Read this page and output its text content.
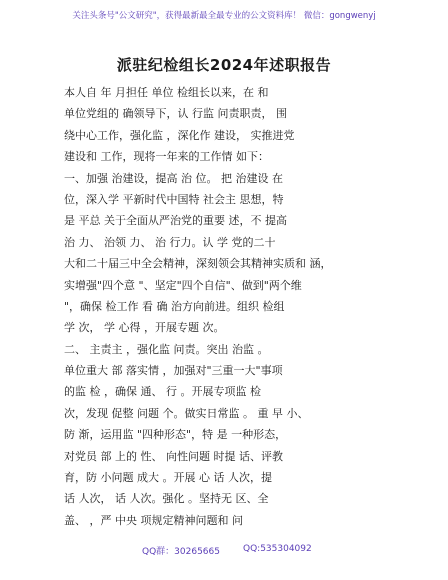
关注头条号"公文研究"，获得最新最全最专业的公文资料库！ 微信：gongwenyj
派驻纪检组长2024年述职报告
本人自 年 月担任 单位 检组长以来，在 和
单位党组的 确领导下，认 行监 问责职责， 围
绕中心工作，强化监 ，深化作 建设， 实推进党
建设和 工作，现将一年来的工作情 如下：
一、加强 治建设，提高 治 位。 把 治建设 在
位，深入学 平新时代中国特 社会主 思想，特
是 平总 关于全面从严治党的重要 述，不 提高
治 力、 治领 力、 治 行力。认 学 党的二十
大和二十届三中全会精神，深刻领会其精神实质和 涵，
实增强"四个意 "、坚定"四个自信"、做到"两个维
"，确保 检工作 看 确 治方向前进。组织 检组
学 次， 学 心得 ，开展专题 次。
二、 主责主 ，强化监 问责。突出 治监 。
单位重大 部 落实情 ，加强对"三重一大"事项
的监 检 ，确保 通、 行 。开展专项监 检
次，发现 促整 问题 个。做实日常监 。 重 早 小、
防 渐，运用监 "四种形态"，特 是 一种形态，
对党员 部 上的 性、 向性问题 时提 话、评教
育，防 小问题 成大 。开展 心 话 人次，提
话 人次， 话 人次。强化 。坚持无 区、全
盖、 ，严 中央 项规定精神问题和 问
QQ群：30265665	QQ:535304092
